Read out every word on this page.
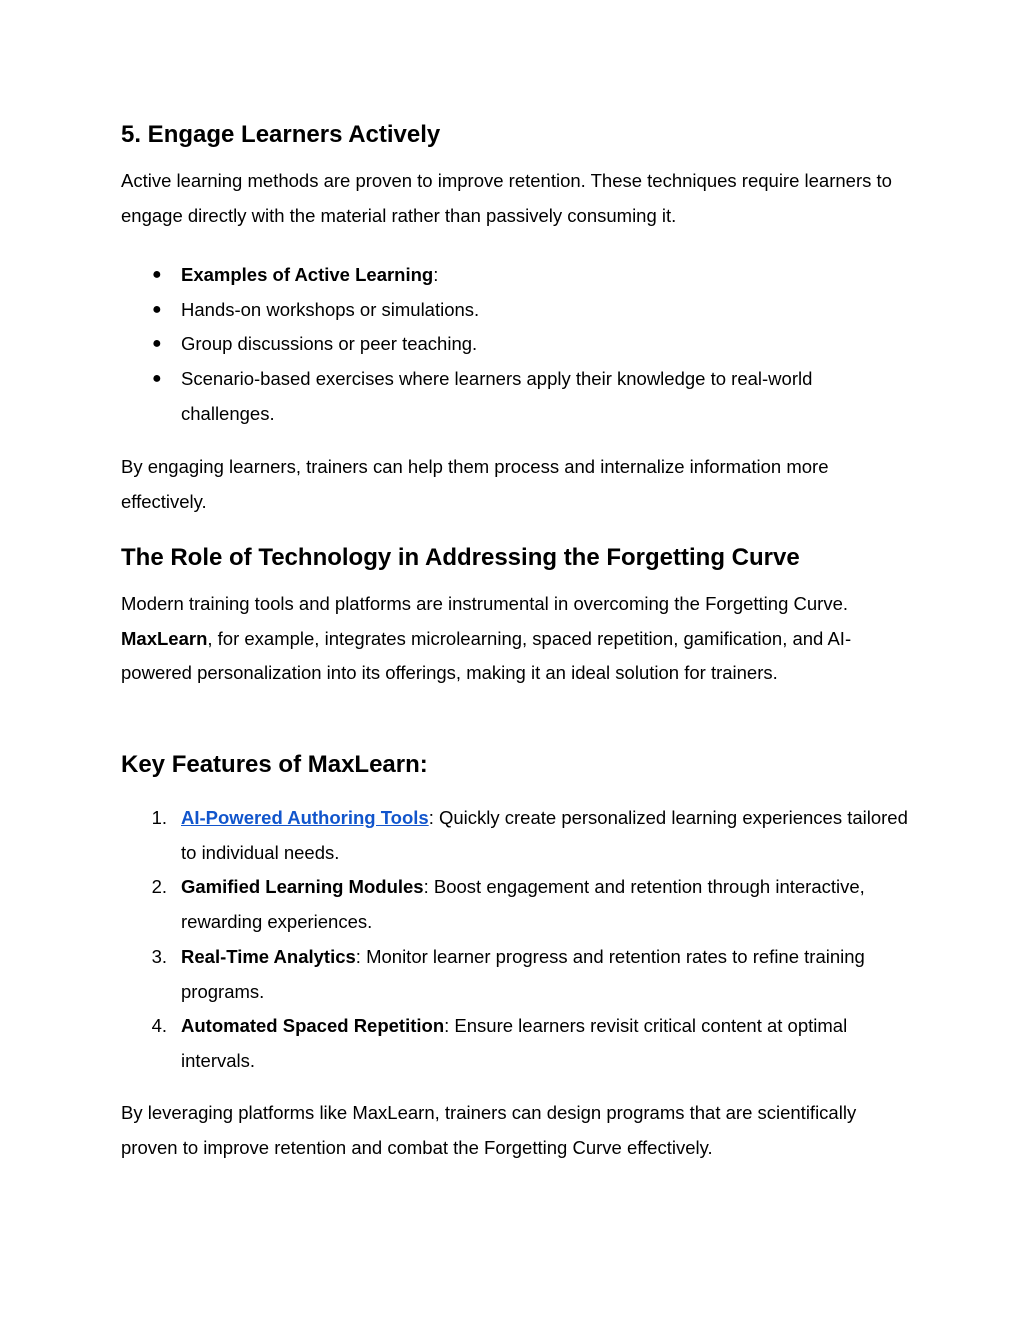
5. Engage Learners Actively

Active learning methods are proven to improve retention. These techniques require learners to engage directly with the material rather than passively consuming it.

● Examples of Active Learning:
● Hands-on workshops or simulations.
● Group discussions or peer teaching.
● Scenario-based exercises where learners apply their knowledge to real-world challenges.

By engaging learners, trainers can help them process and internalize information more effectively.

The Role of Technology in Addressing the Forgetting Curve

Modern training tools and platforms are instrumental in overcoming the Forgetting Curve. MaxLearn, for example, integrates microlearning, spaced repetition, gamification, and AI-powered personalization into its offerings, making it an ideal solution for trainers.

Key Features of MaxLearn:
1. AI-Powered Authoring Tools: Quickly create personalized learning experiences tailored to individual needs.
2. Gamified Learning Modules: Boost engagement and retention through interactive, rewarding experiences.
3. Real-Time Analytics: Monitor learner progress and retention rates to refine training programs.
4. Automated Spaced Repetition: Ensure learners revisit critical content at optimal intervals.

By leveraging platforms like MaxLearn, trainers can design programs that are scientifically proven to improve retention and combat the Forgetting Curve effectively.
